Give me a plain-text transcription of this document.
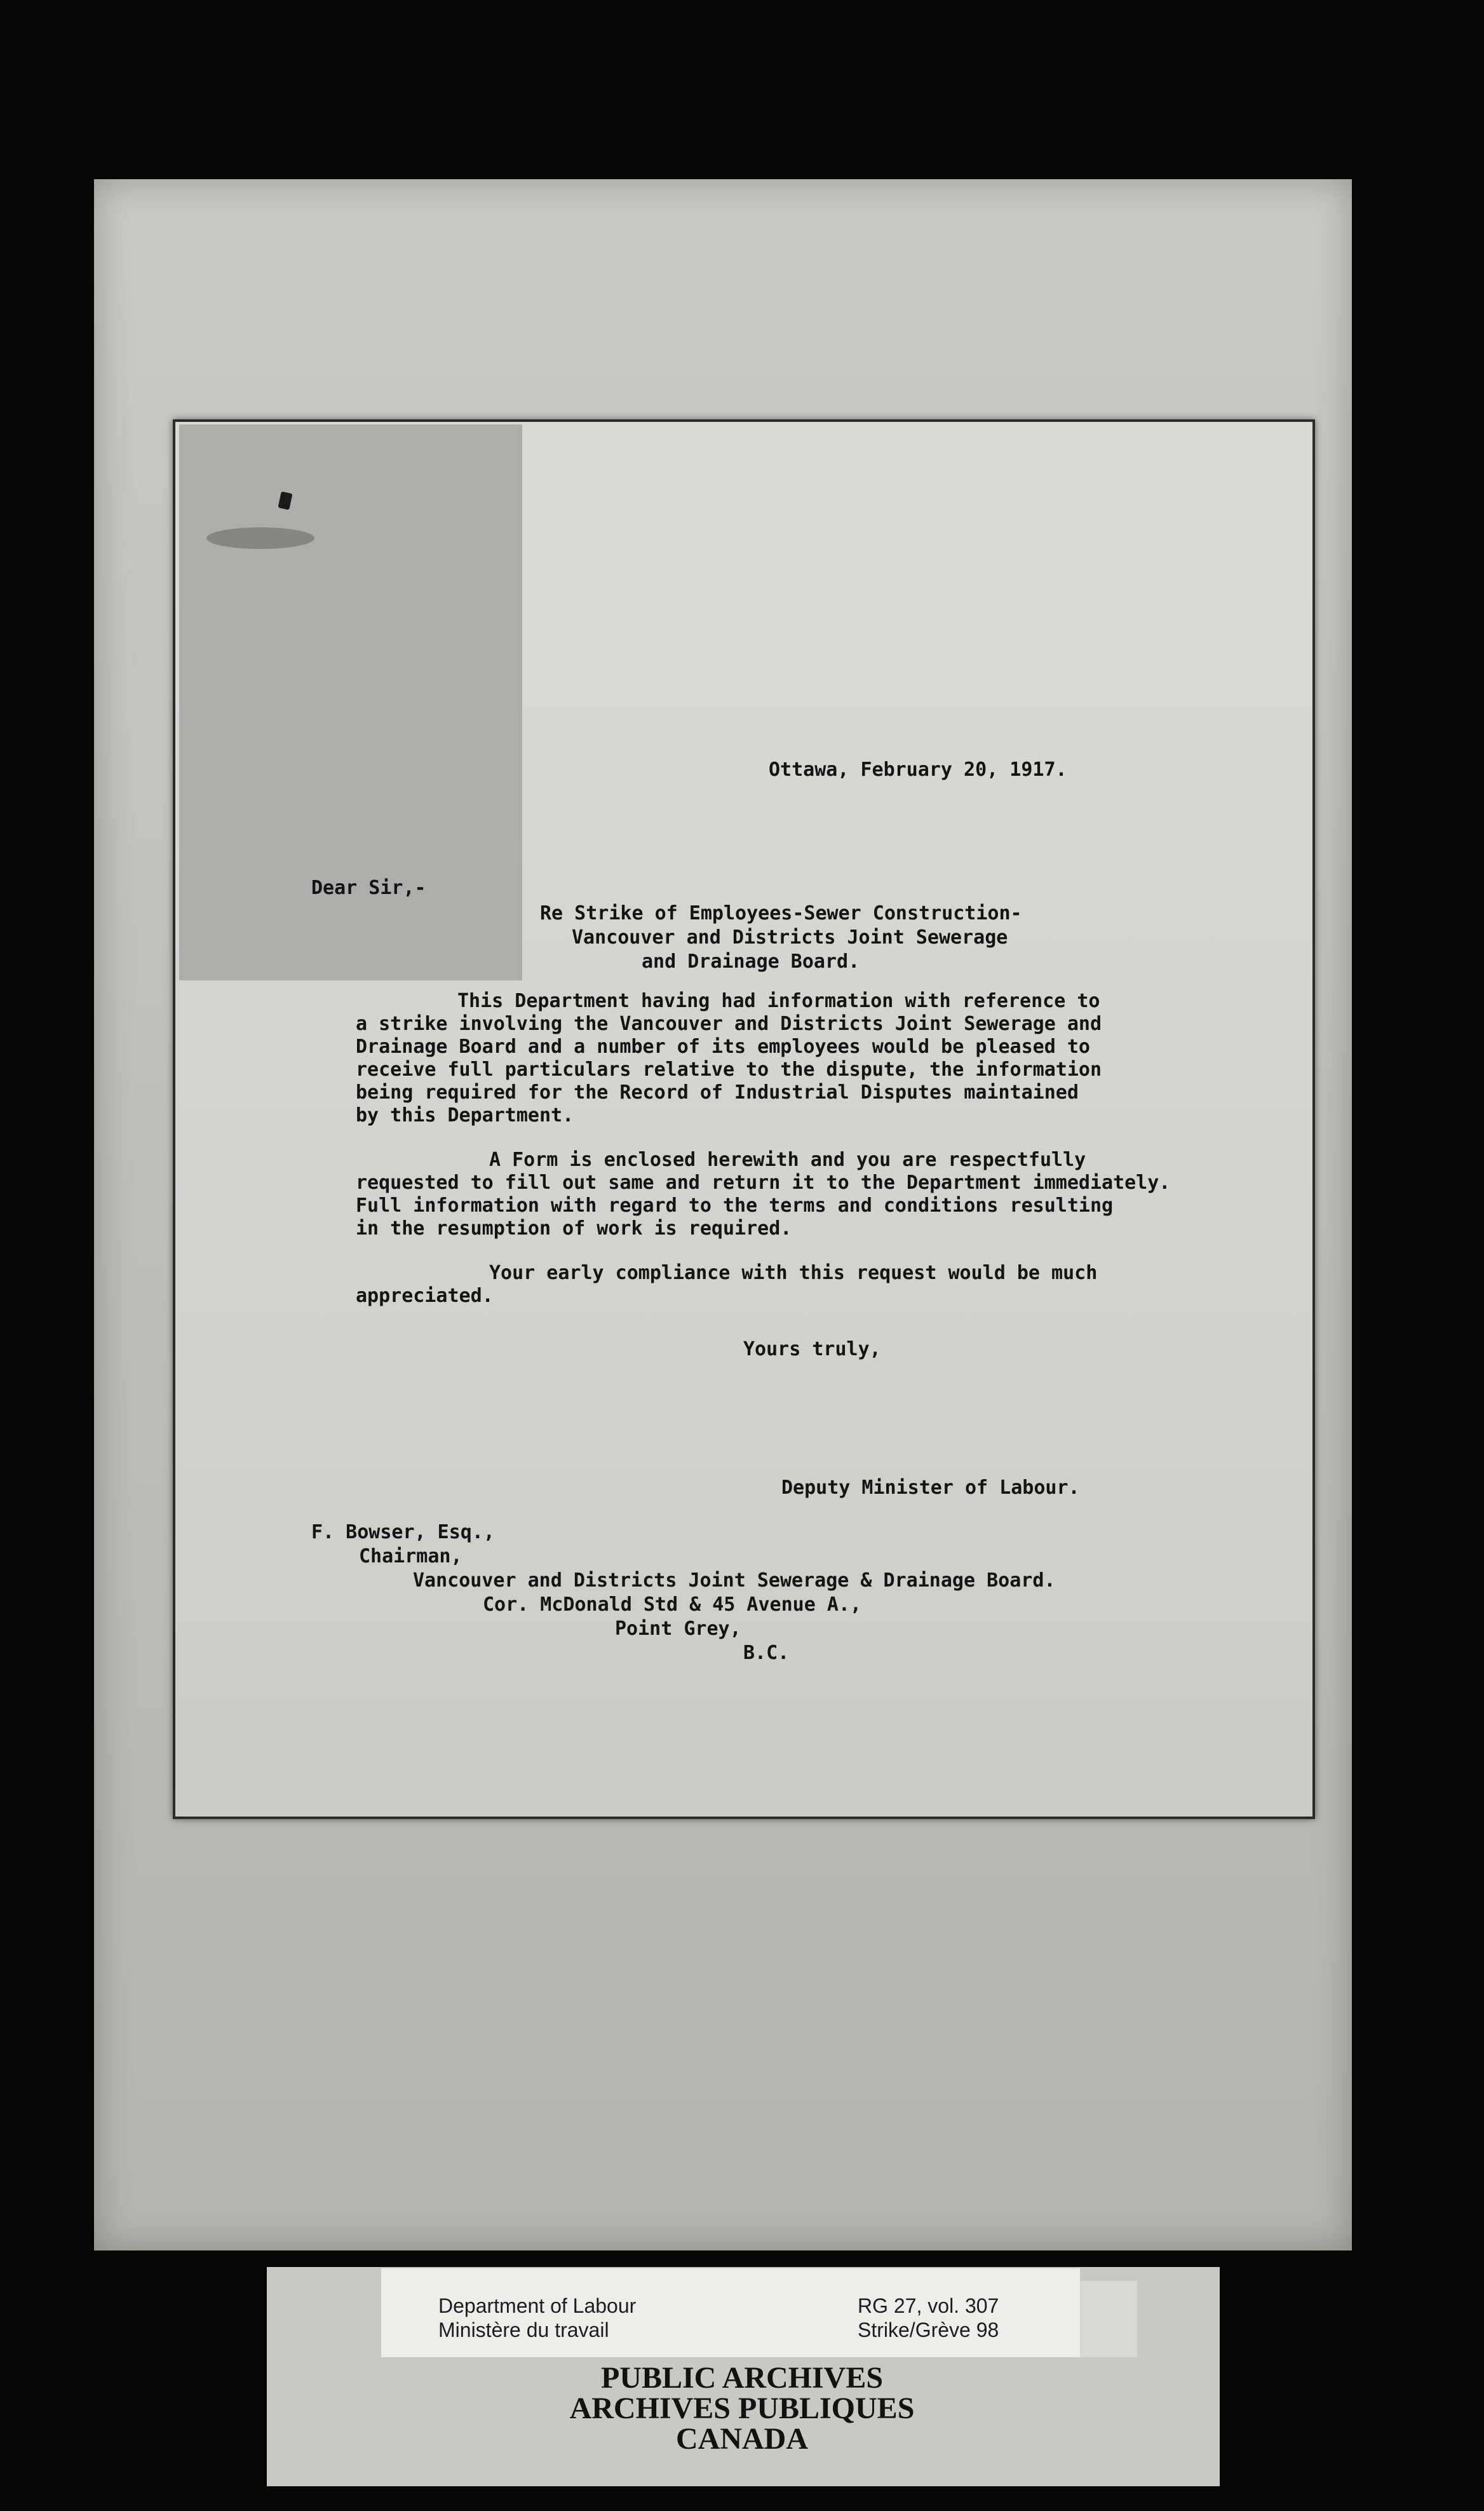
Ottawa, February 20, 1917.

Dear Sir,-

Re Strike of Employees-Sewer Construction-

Vancouver and Districts Joint Sewerage

and Drainage Board.

This Department having had information with reference to

a strike involving the Vancouver and Districts Joint Sewerage and

Drainage Board and a number of its employees would be pleased to

receive full particulars relative to the dispute, the information

being required for the Record of Industrial Disputes maintained

by this Department.

A Form is enclosed herewith and you are respectfully

requested to fill out same and return it to the Department immediately.

Full information with regard to the terms and conditions resulting

in the resumption of work is required.

Your early compliance with this request would be much

appreciated.

Yours truly,

Deputy Minister of Labour.

F. Bowser, Esq.,

Chairman,

Vancouver and Districts Joint Sewerage & Drainage Board.

Cor. McDonald Std & 45 Avenue A.,

Point Grey,

B.C.

Department of Labour

Ministère du travail

RG 27, vol. 307

Strike/Grève 98

PUBLIC ARCHIVES

ARCHIVES PUBLIQUES

CANADA
